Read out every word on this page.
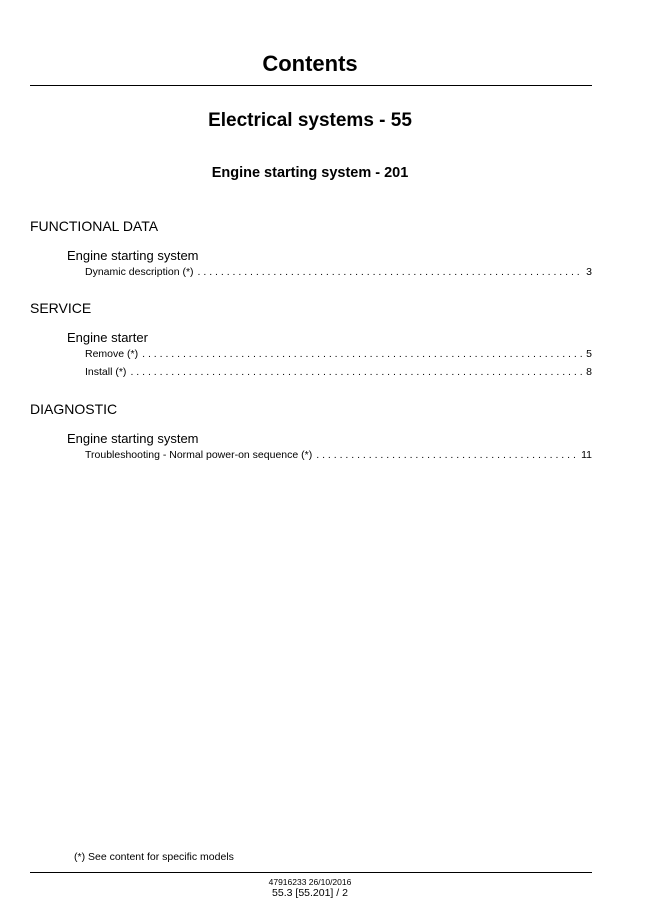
Contents
Electrical systems - 55
Engine starting system - 201
FUNCTIONAL DATA
Engine starting system
Dynamic description (*) . . .	3
SERVICE
Engine starter
Remove (*) . . .	5
Install (*) . . .	8
DIAGNOSTIC
Engine starting system
Troubleshooting - Normal power-on sequence (*) . . .	11
(*) See content for specific models
47916233 26/10/2016
55.3 [55.201] / 2
